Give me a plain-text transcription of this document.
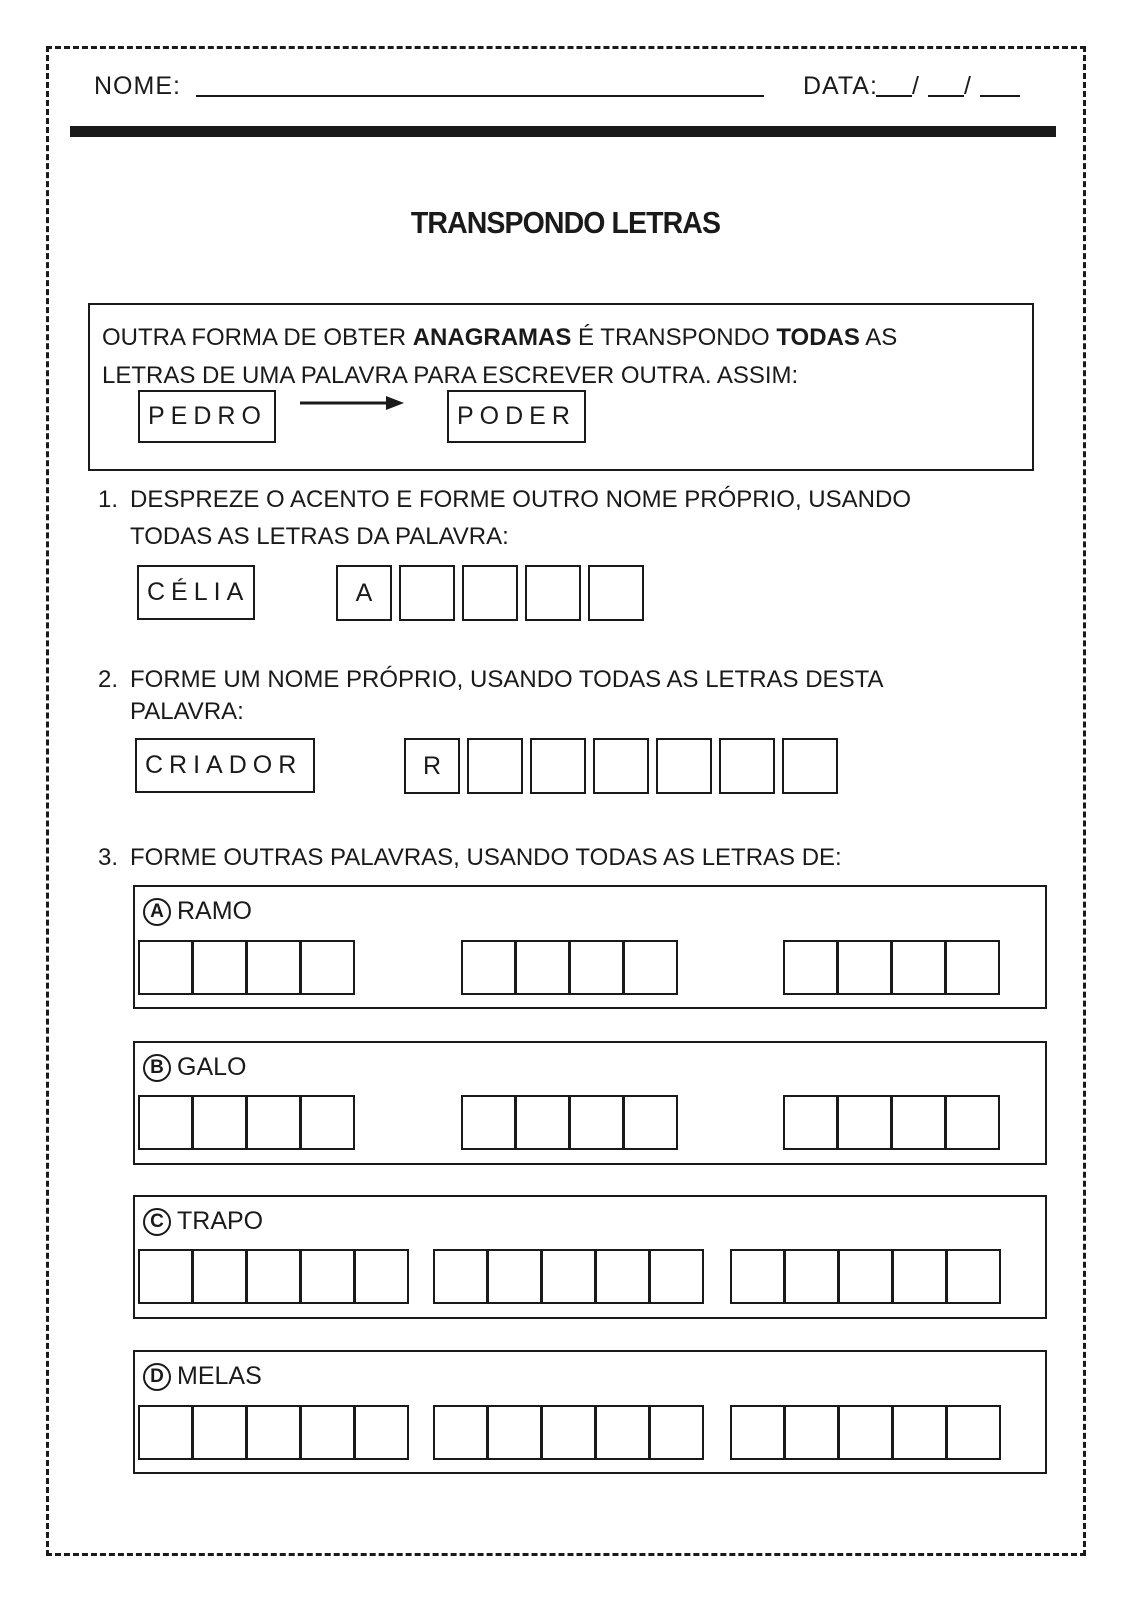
NOME:	DATA: / /
TRANSPONDO LETRAS
OUTRA FORMA DE OBTER ANAGRAMAS É TRANSPONDO TODAS AS
LETRAS DE UMA PALAVRA PARA ESCREVER OUTRA. ASSIM:
PEDRO	PODER
1. DESPREZE O ACENTO E FORME OUTRO NOME PRÓPRIO, USANDO
TODAS AS LETRAS DA PALAVRA:
CÉLIA	A
2. FORME UM NOME PRÓPRIO, USANDO TODAS AS LETRAS DESTA
PALAVRA:
CRIADOR	R
3. FORME OUTRAS PALAVRAS, USANDO TODAS AS LETRAS DE:
A RAMO
B GALO
C TRAPO
D MELAS
